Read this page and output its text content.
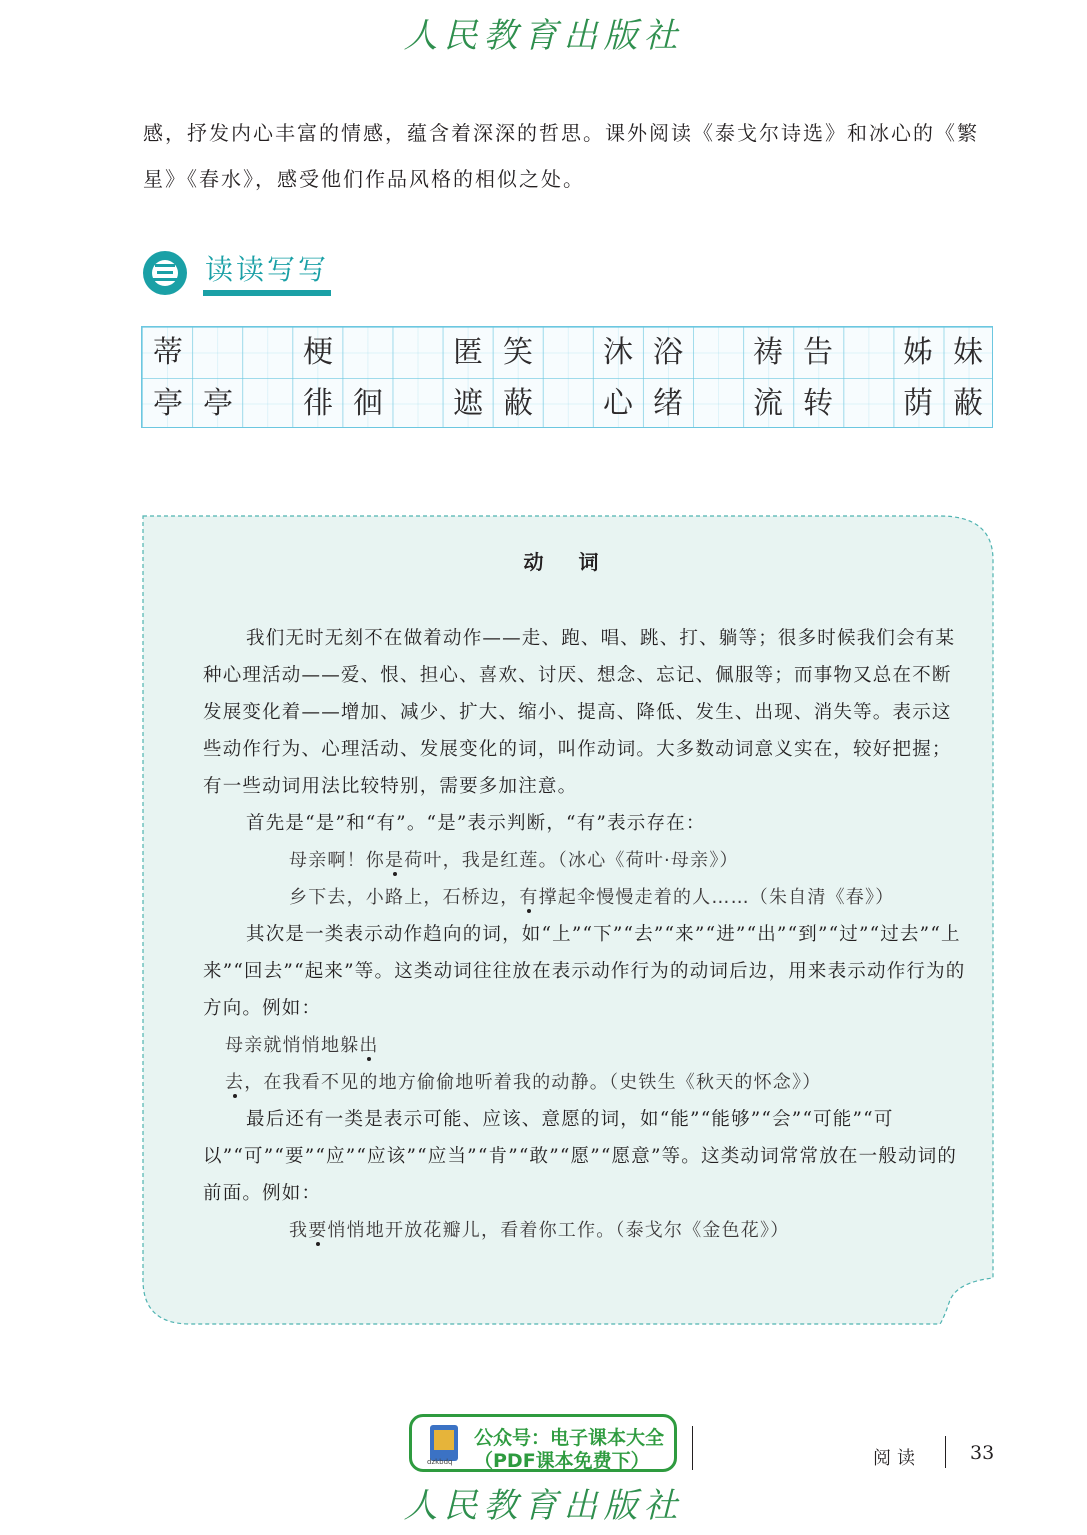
人民教育出版社

感，抒发内心丰富的情感，蕴含着深深的哲思。课外阅读《泰戈尔诗选》和冰心的《繁星》《春水》，感受他们作品风格的相似之处。

读读写写
蒂	梗	匿 笑	沐 浴	祷 告	姊 妹
亭 亭	徘 徊	遮 蔽	心 绪	流 转	荫 蔽
动 词

我们无时无刻不在做着动作——走、跑、唱、跳、打、躺等；很多时候我们会有某种心理活动——爱、恨、担心、喜欢、讨厌、想念、忘记、佩服等；而事物又总在不断发展变化着——增加、减少、扩大、缩小、提高、降低、发生、出现、消失等。表示这些动作行为、心理活动、发展变化的词，叫作动词。大多数动词意义实在，较好把握；有一些动词用法比较特别，需要多加注意。

首先是“是”和“有”。“是”表示判断，“有”表示存在：

母亲啊！你是荷叶，我是红莲。（冰心《荷叶·母亲》）

乡下去，小路上，石桥边，有撑起伞慢慢走着的人……（朱自清《春》）

其次是一类表示动作趋向的词，如“上”“下”“去”“来”“进”“出”“到”“过”“过去”“上来”“回去”“起来”等。这类动词往往放在表示动作行为的动词后边，用来表示动作行为的方向。例如：

母亲就悄悄地躲出去，在我看不见的地方偷偷地听着我的动静。（史铁生《秋天的怀念》）

最后还有一类是表示可能、应该、意愿的词，如“能”“能够”“会”“可能”“可以”“可”“要”“应”“应该”“应当”“肯”“敢”“愿”“愿意”等。这类动词常常放在一般动词的前面。例如：

我要悄悄地开放花瓣儿，看着你工作。（泰戈尔《金色花》）

dzkbdq
公众号：电子课本大全
（PDF课本免费下）	阅读	33
人民教育出版社
